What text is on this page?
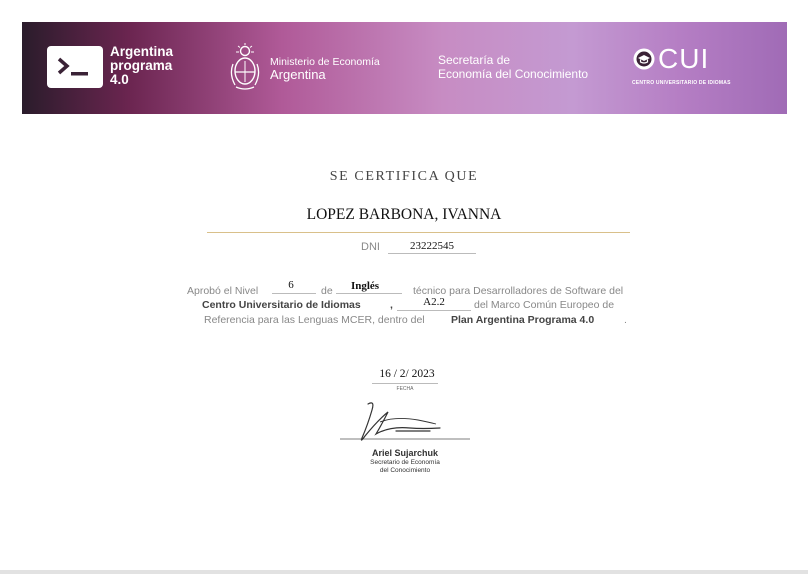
Argentina
programa
4.0
Ministerio de Economía
Argentina
Secretaría de
Economía del Conocimiento CUI
CENTRO UNIVERSITARIO DE IDIOMAS
SE CERTIFICA QUE
LOPEZ BARBONA, IVANNA
DNI	23222545
Aprobó el Nivel	6	de	Inglés	técnico para Desarrolladores de Software del
Centro Universitario de Idiomas	,	A2.2	del Marco Común Europeo de
Referencia para las Lenguas MCER, dentro del	Plan Argentina Programa 4.0	.
16 / 2/ 2023
FECHA
Ariel Sujarchuk
Secretario de Economía
del Conocimiento
